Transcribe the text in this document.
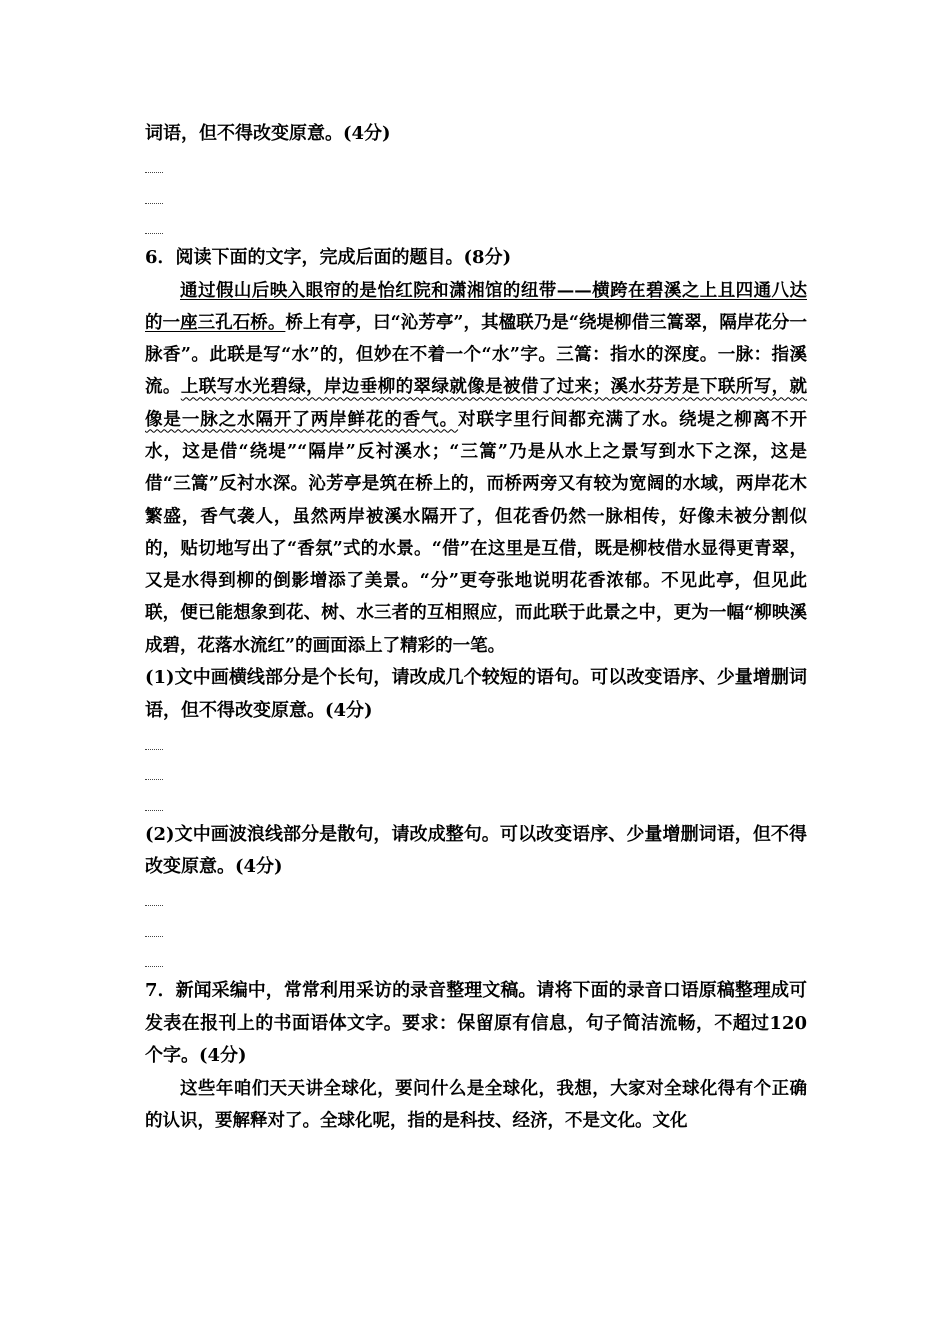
词语，但不得改变原意。(4分)
6．阅读下面的文字，完成后面的题目。(8分)
通过假山后映入眼帘的是怡红院和潇湘馆的纽带——横跨在碧溪之上且四通八达的一座三孔石桥。桥上有亭，曰“沁芳亭”，其楹联乃是“绕堤柳借三篙翠，隔岸花分一脉香”。此联是写“水”的，但妙在不着一个“水”字。三篙：指水的深度。一脉：指溪流。上联写水光碧绿，岸边垂柳的翠绿就像是被借了过来；溪水芬芳是下联所写，就像是一脉之水隔开了两岸鲜花的香气。对联字里行间都充满了水。绕堤之柳离不开水，这是借“绕堤”“隔岸”反衬溪水；“三篙”乃是从水上之景写到水下之深，这是借“三篙”反衬水深。沁芳亭是筑在桥上的，而桥两旁又有较为宽阔的水域，两岸花木繁盛，香气袭人，虽然两岸被溪水隔开了，但花香仍然一脉相传，好像未被分割似的，贴切地写出了“香氛”式的水景。“借”在这里是互借，既是柳枝借水显得更青翠，又是水得到柳的倒影增添了美景。“分”更夸张地说明花香浓郁。不见此亭，但见此联，便已能想象到花、树、水三者的互相照应，而此联于此景之中，更为一幅“柳映溪成碧，花落水流红”的画面添上了精彩的一笔。
(1)文中画横线部分是个长句，请改成几个较短的语句。可以改变语序、少量增删词语，但不得改变原意。(4分)
(2)文中画波浪线部分是散句，请改成整句。可以改变语序、少量增删词语，但不得改变原意。(4分)
7．新闻采编中，常常利用采访的录音整理文稿。请将下面的录音口语原稿整理成可发表在报刊上的书面语体文字。要求：保留原有信息，句子简洁流畅，不超过120个字。(4分)
这些年咱们天天讲全球化，要问什么是全球化，我想，大家对全球化得有个正确的认识，要解释对了。全球化呢，指的是科技、经济，不是文化。文化
